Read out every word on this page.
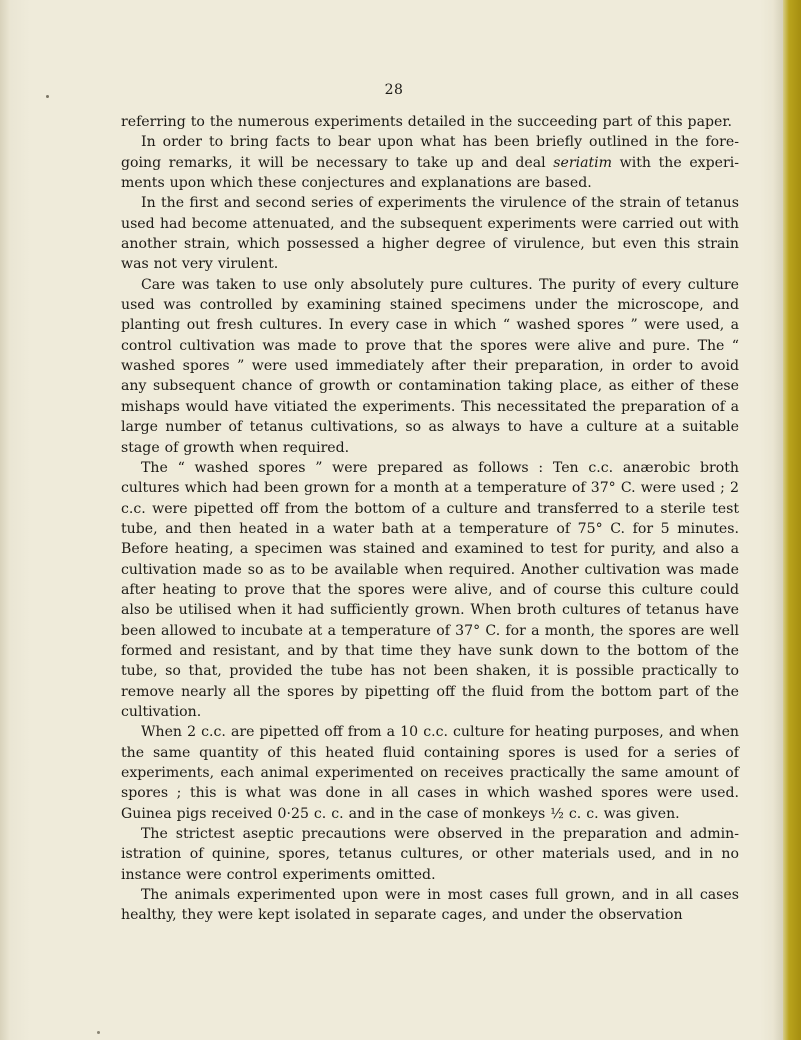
28

referring to the numerous experiments detailed in the succeeding part of this paper.

In order to bring facts to bear upon what has been briefly outlined in the fore-going remarks, it will be necessary to take up and deal seriatim with the experi-ments upon which these conjectures and explanations are based.

In the first and second series of experiments the virulence of the strain of tetanus used had become attenuated, and the subsequent experiments were carried out with another strain, which possessed a higher degree of virulence, but even this strain was not very virulent.

Care was taken to use only absolutely pure cultures. The purity of every culture used was controlled by examining stained specimens under the microscope, and planting out fresh cultures. In every case in which “ washed spores ” were used, a control cultivation was made to prove that the spores were alive and pure. The “ washed spores ” were used immediately after their preparation, in order to avoid any subsequent chance of growth or contamination taking place, as either of these mishaps would have vitiated the experiments. This necessitated the preparation of a large number of tetanus cultivations, so as always to have a culture at a suitable stage of growth when required.

The “ washed spores ” were prepared as follows : Ten c.c. anærobic broth cultures which had been grown for a month at a temperature of 37° C. were used ; 2 c.c. were pipetted off from the bottom of a culture and transferred to a sterile test tube, and then heated in a water bath at a temperature of 75° C. for 5 minutes. Before heating, a specimen was stained and examined to test for purity, and also a cultivation made so as to be available when required. Another cultivation was made after heating to prove that the spores were alive, and of course this culture could also be utilised when it had sufficiently grown. When broth cultures of tetanus have been allowed to incubate at a temperature of 37° C. for a month, the spores are well formed and resistant, and by that time they have sunk down to the bottom of the tube, so that, provided the tube has not been shaken, it is possible practically to remove nearly all the spores by pipetting off the fluid from the bottom part of the cultivation.

When 2 c.c. are pipetted off from a 10 c.c. culture for heating purposes, and when the same quantity of this heated fluid containing spores is used for a series of experiments, each animal experimented on receives practically the same amount of spores ; this is what was done in all cases in which washed spores were used. Guinea pigs received 0·25 c. c. and in the case of monkeys ½ c. c. was given.

The strictest aseptic precautions were observed in the preparation and admin-istration of quinine, spores, tetanus cultures, or other materials used, and in no instance were control experiments omitted.

The animals experimented upon were in most cases full grown, and in all cases healthy, they were kept isolated in separate cages, and under the observation
